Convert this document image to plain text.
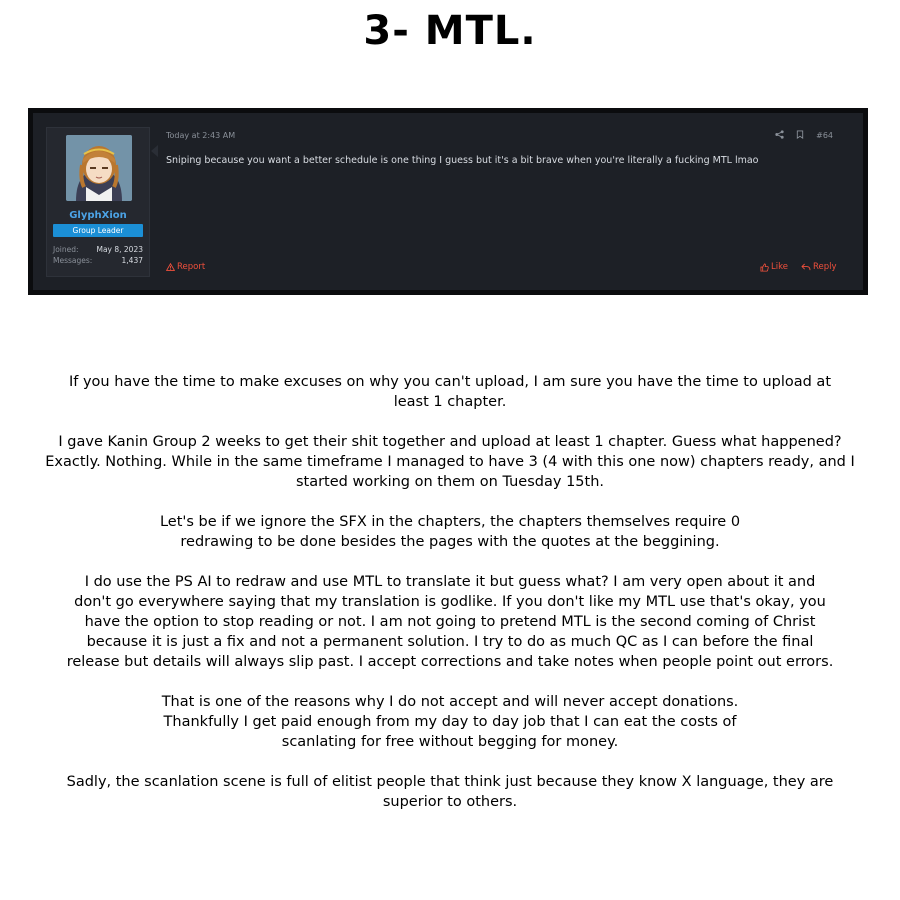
3- MTL.
GlyphXion
Group Leader
Joined: May 8, 2023
Messages:	1,437
Today at 2:43 AM	#64
Sniping because you want a better schedule is one thing I guess but it's a bit brave when you're literally a fucking MTL lmao
Report	Like	Reply

If you have the time to make excuses on why you can't upload, I am sure you have the time to upload at
least 1 chapter.

I gave Kanin Group 2 weeks to get their shit together and upload at least 1 chapter. Guess what happened?
Exactly. Nothing. While in the same timeframe I managed to have 3 (4 with this one now) chapters ready, and I
started working on them on Tuesday 15th.

Let's be if we ignore the SFX in the chapters, the chapters themselves require 0
redrawing to be done besides the pages with the quotes at the beggining.

I do use the PS AI to redraw and use MTL to translate it but guess what? I am very open about it and
don't go everywhere saying that my translation is godlike. If you don't like my MTL use that's okay, you
have the option to stop reading or not. I am not going to pretend MTL is the second coming of Christ
because it is just a fix and not a permanent solution. I try to do as much QC as I can before the final
release but details will always slip past. I accept corrections and take notes when people point out errors.

That is one of the reasons why I do not accept and will never accept donations.
Thankfully I get paid enough from my day to day job that I can eat the costs of
scanlating for free without begging for money.

Sadly, the scanlation scene is full of elitist people that think just because they know X language, they are
superior to others.
